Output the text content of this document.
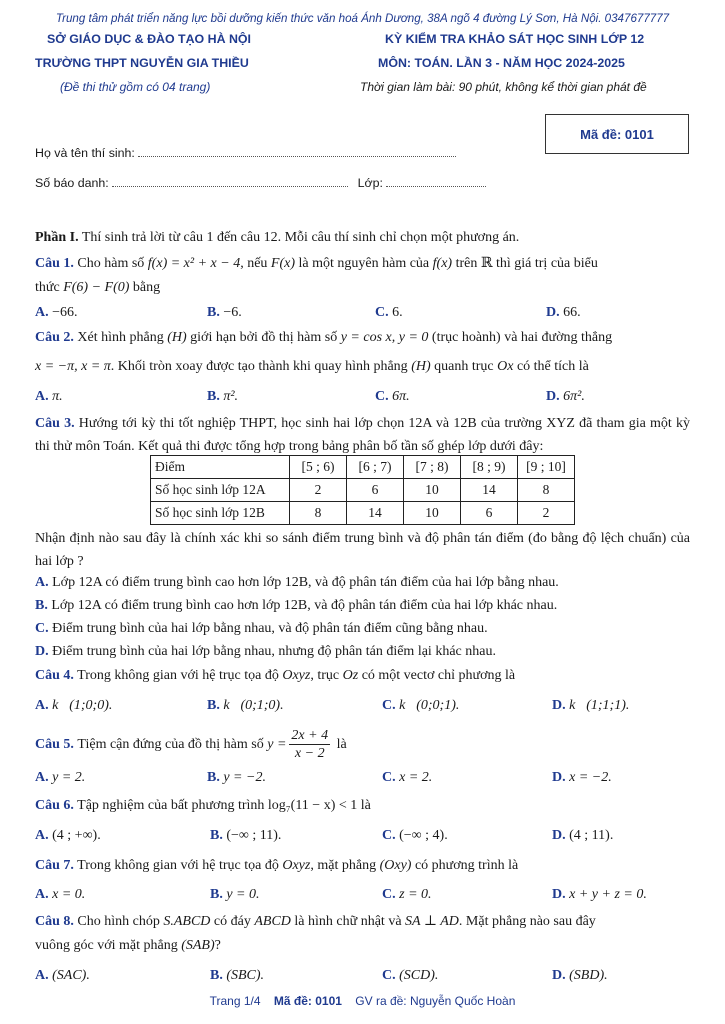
Trung tâm phát triển năng lực bồi dưỡng kiến thức văn hoá Ánh Dương, 38A ngõ 4 đường Lý Sơn, Hà Nội. 0347677777
SỞ GIÁO DỤC & ĐÀO TẠO HÀ NỘI
TRƯỜNG THPT NGUYỄN GIA THIỀU
(Đề thi thử gồm có 04 trang)
KỲ KIỂM TRA KHẢO SÁT HỌC SINH LỚP 12
MÔN: TOÁN. LẦN 3 - NĂM HỌC 2024-2025
Thời gian làm bài: 90 phút, không kể thời gian phát đề
Mã đề: 0101
Họ và tên thí sinh:
Số báo danh:	Lớp:
Phần I. Thí sinh trả lời từ câu 1 đến câu 12. Mỗi câu thí sinh chỉ chọn một phương án.
Câu 1. Cho hàm số f(x) = x² + x − 4, nếu F(x) là một nguyên hàm của f(x) trên ℝ thì giá trị của biểu
thức F(6) − F(0) bằng
A. −66.	B. −6.	C. 6.	D. 66.
Câu 2. Xét hình phẳng (H) giới hạn bởi đồ thị hàm số y = cos x, y = 0 (trục hoành) và hai đường thẳng
x = −π, x = π. Khối tròn xoay được tạo thành khi quay hình phẳng (H) quanh trục Ox có thể tích là
A. π.	B. π².	C. 6π.	D. 6π².
Câu 3. Hướng tới kỳ thi tốt nghiệp THPT, học sinh hai lớp chọn 12A và 12B của trường XYZ đã tham gia một kỳ thi thử môn Toán. Kết quả thi được tổng hợp trong bảng phân bố tần số ghép lớp dưới đây:
Điểm	[5 ; 6)	[6 ; 7)	[7 ; 8)	[8 ; 9)	[9 ; 10]
Số học sinh lớp 12A	2	6	10	14	8
Số học sinh lớp 12B	8	14	10	6	2
Nhận định nào sau đây là chính xác khi so sánh điểm trung bình và độ phân tán điểm (đo bằng độ lệch chuẩn) của hai lớp ?
A. Lớp 12A có điểm trung bình cao hơn lớp 12B, và độ phân tán điểm của hai lớp bằng nhau.
B. Lớp 12A có điểm trung bình cao hơn lớp 12B, và độ phân tán điểm của hai lớp khác nhau.
C. Điểm trung bình của hai lớp bằng nhau, và độ phân tán điểm cũng bằng nhau.
D. Điểm trung bình của hai lớp bằng nhau, nhưng độ phân tán điểm lại khác nhau.
Câu 4. Trong không gian với hệ trục tọa độ Oxyz, trục Oz có một vectơ chỉ phương là
A. k⃗(1;0;0).	B. k⃗(0;1;0).	C. k⃗(0;0;1).	D. k⃗(1;1;1).
Câu 5.
Tiệm cận đứng của đồ thị hàm số
$y = \frac{2x + 4}{x - 2}$
là
A. y = 2.	B. y = −2.	C. x = 2.	D. x = −2.
Câu 6. Tập nghiệm của bất phương trình log₇(11 − x) < 1 là
A. (4 ; +∞).	B. (−∞ ; 11).	C. (−∞ ; 4).	D. (4 ; 11).
Câu 7. Trong không gian với hệ trục tọa độ Oxyz, mặt phẳng (Oxy) có phương trình là
A. x = 0.	B. y = 0.	C. z = 0.	D. x + y + z = 0.
Câu 8. Cho hình chóp S.ABCD có đáy ABCD là hình chữ nhật và SA ⊥ AD. Mặt phẳng nào sau đây
vuông góc với mặt phẳng (SAB)?
A. (SAC).	B. (SBC).	C. (SCD).	D. (SBD).
Trang 1/4 Mã đề: 0101 GV ra đề: Nguyễn Quốc Hoàn
